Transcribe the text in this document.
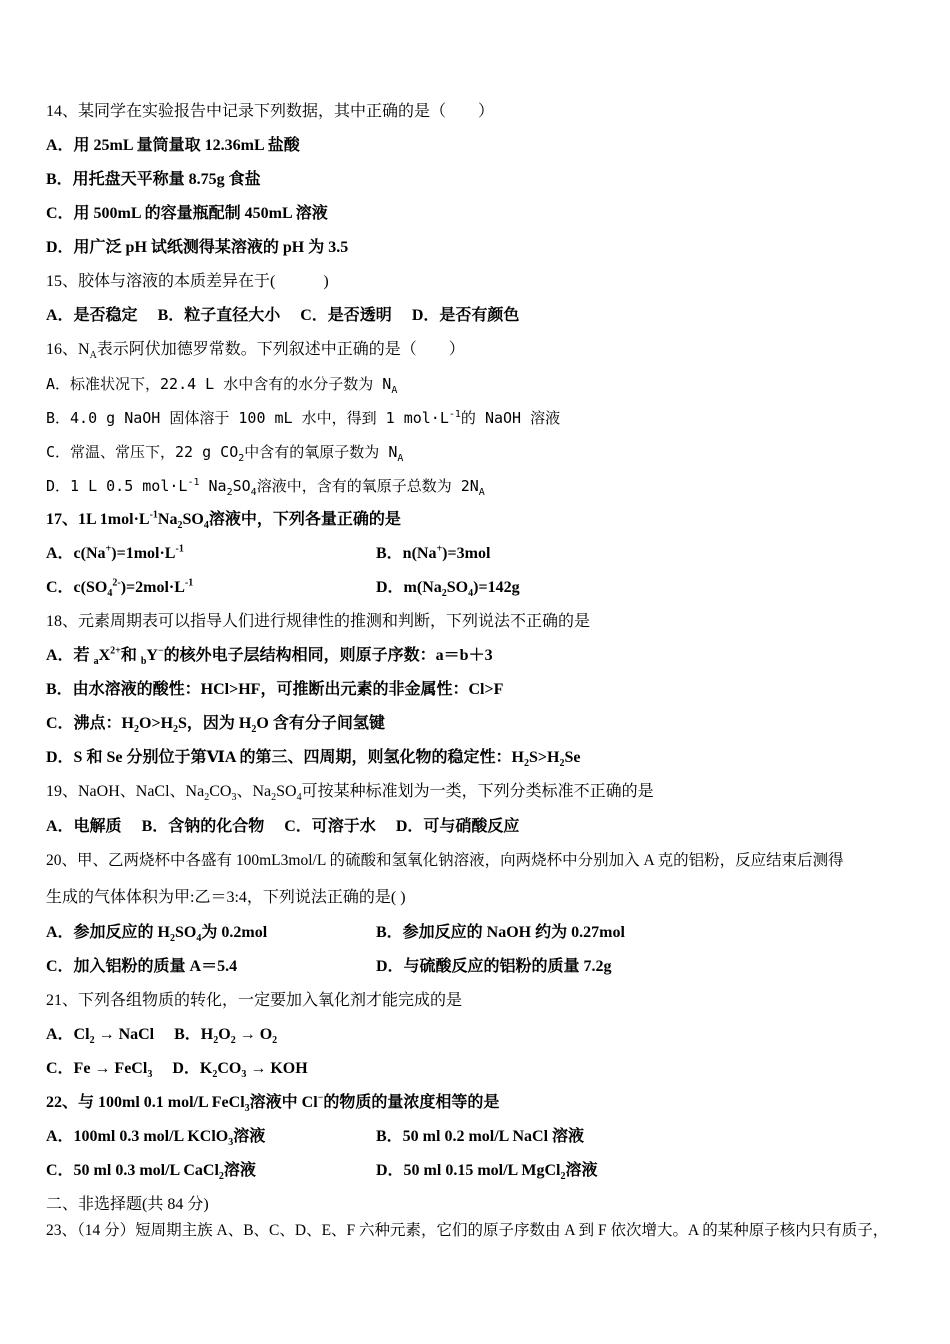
14、某同学在实验报告中记录下列数据，其中正确的是（　　）
A．用 25mL 量筒量取 12.36mL 盐酸
B．用托盘天平称量 8.75g 食盐
C．用 500mL 的容量瓶配制 450mL 溶液
D．用广泛 pH 试纸测得某溶液的 pH 为 3.5
15、胶体与溶液的本质差异在于(　　　)
A．是否稳定 B．粒子直径大小 C．是否透明 D．是否有颜色
16、$N_A$表示阿伏加德罗常数。下列叙述中正确的是（　　）
A．标准状况下，22.4 L 水中含有的水分子数为 $N_A$
B．4.0 g NaOH 固体溶于 100 mL 水中，得到 1 $mol\cdot L^{-1}$的 NaOH 溶液
C．常温、常压下，22 g $CO_2$中含有的氧原子数为 $N_A$
D．1 L 0.5 $mol\cdot L^{-1}$ $Na_2SO_4$溶液中，含有的氧原子总数为 $2N_A$
17、1L $1mol\cdot L^{-1}Na_2SO_4$溶液中，下列各量正确的是
A．$c(Na^+)=1mol\cdot L^{-1}$	B．n(Na+)=3mol
C．$c(SO_4^{2-})=2mol\cdot L^{-1}$	D．$m(Na_2SO_4)=142g$
18、元素周期表可以指导人们进行规律性的推测和判断，下列说法不正确的是
A．若 $_aX^{2+}$和 $_b$Y−的核外电子层结构相同，则原子序数：a＝b＋3
B．由水溶液的酸性：HCl>HF，可推断出元素的非金属性：Cl>F
C．沸点：$H_2O>H_2S$，因为 $H_2O$ 含有分子间氢键
D．S 和 Se 分别位于第ⅥA 的第三、四周期，则氢化物的稳定性：$H_2S>H_2Se$
19、NaOH、NaCl、$Na_2CO_3$、$Na_2SO_4$可按某种标准划为一类，下列分类标准不正确的是
A．电解质 B．含钠的化合物 C．可溶于水 D．可与硝酸反应
20、甲、乙两烧杯中各盛有 100mL3mol/L 的硫酸和氢氧化钠溶液，向两烧杯中分别加入 A 克的铝粉，反应结束后测得
生成的气体体积为甲:乙＝3:4，下列说法正确的是( )
A．参加反应的 $H_2SO_4$为 0.2mol	B．参加反应的 NaOH 约为 0.27mol
C．加入铝粉的质量 A＝5.4	D．与硫酸反应的铝粉的质量 7.2g
21、下列各组物质的转化，一定要加入氧化剂才能完成的是
A．$Cl_2$ → NaCl B．$H_2O_2 \to O_2$
C．Fe → FeCl$_3$ D．$K_2CO_3$ → KOH
22、与 100ml 0.1 mol/L FeCl$_3$溶液中 Cl−的物质的量浓度相等的是
A．100ml 0.3 mol/L KClO$_3$溶液	B．50 ml 0.2 mol/L NaCl 溶液
C．50 ml 0.3 mol/L CaCl$_2$溶液	D．50 ml 0.15 mol/L MgCl$_2$溶液
二、非选择题(共 84 分)
23、（14 分）短周期主族 A、B、C、D、E、F 六种元素，它们的原子序数由 A 到 F 依次增大。A 的某种原子核内只有质子，
